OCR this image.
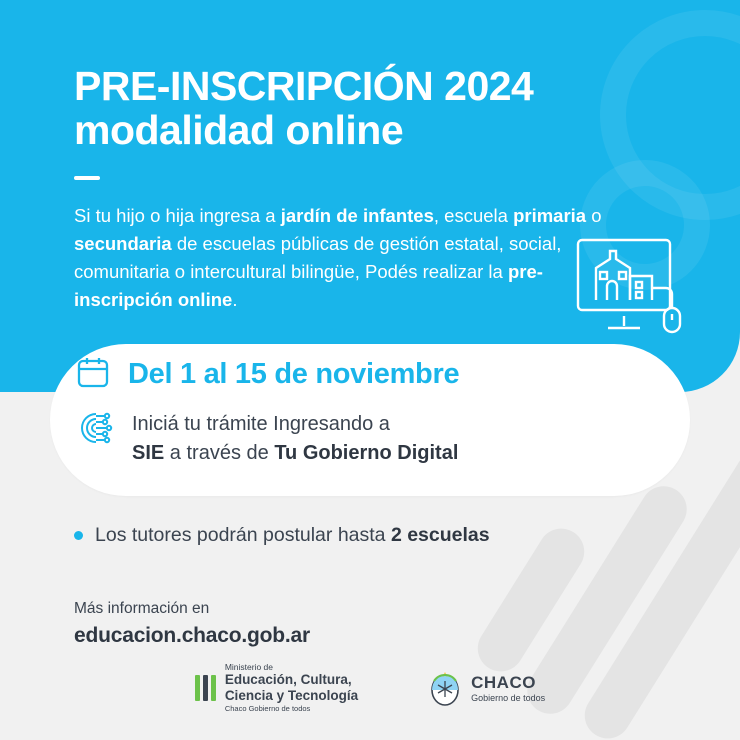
PRE-INSCRIPCIÓN 2024
modalidad online
Si tu hijo o hija ingresa a jardín de infantes, escuela primaria o secundaria de escuelas públicas de gestión estatal, social, comunitaria o intercultural bilingüe, Podés realizar la pre-inscripción online.
Del 1 al 15 de noviembre
Iniciá tu trámite Ingresando a
SIE a través de Tu Gobierno Digital
Los tutores podrán postular hasta 2 escuelas
Más información en
educacion.chaco.gob.ar
Ministerio de
Educación, Cultura,
Ciencia y Tecnología
Chaco Gobierno de todos
CHACO
Gobierno de todos
